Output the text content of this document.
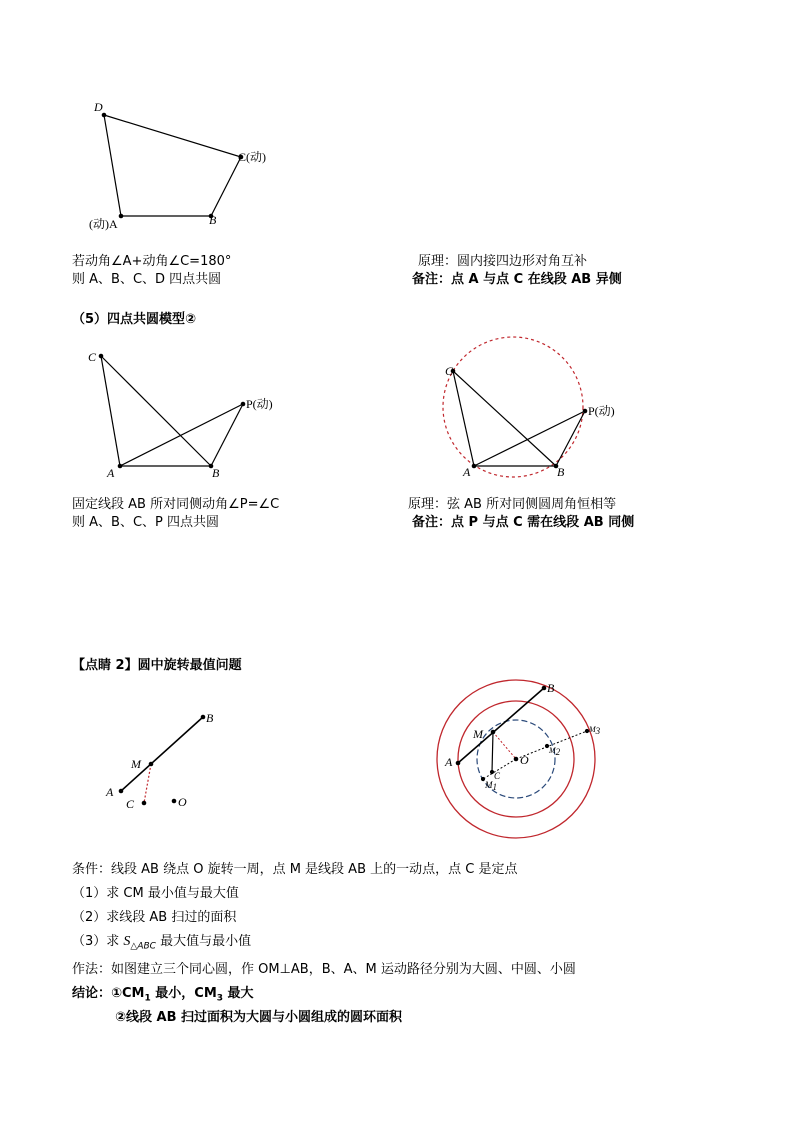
D
C(动)
(动)A	B
若动角∠A+动角∠C=180°
则 A、B、C、D 四点共圆
原理：圆内接四边形对角互补
备注：点 A 与点 C 在线段 AB 异侧
（5）四点共圆模型②
C
P(动)
A	B
C
P(动)
A	B
固定线段 AB 所对同侧动角∠P=∠C
则 A、B、C、P 四点共圆
原理：弦 AB 所对同侧圆周角恒相等
备注：点 P 与点 C 需在线段 AB 同侧
【点睛 2】圆中旋转最值问题
B
M
A
C	O
B
M
A	O
C
M1
M2
M3
条件：线段 AB 绕点 O 旋转一周，点 M 是线段 AB 上的一动点，点 C 是定点
（1）求 CM 最小值与最大值
（2）求线段 AB 扫过的面积
（3）求 $S_{\triangle ABC}$ 最大值与最小值
作法：如图建立三个同心圆，作 OM⊥AB，B、A、M 运动路径分别为大圆、中圆、小圆
结论：$①CM_1$ 最小，$CM_3$ 最大
②线段 AB 扫过面积为大圆与小圆组成的圆环面积
